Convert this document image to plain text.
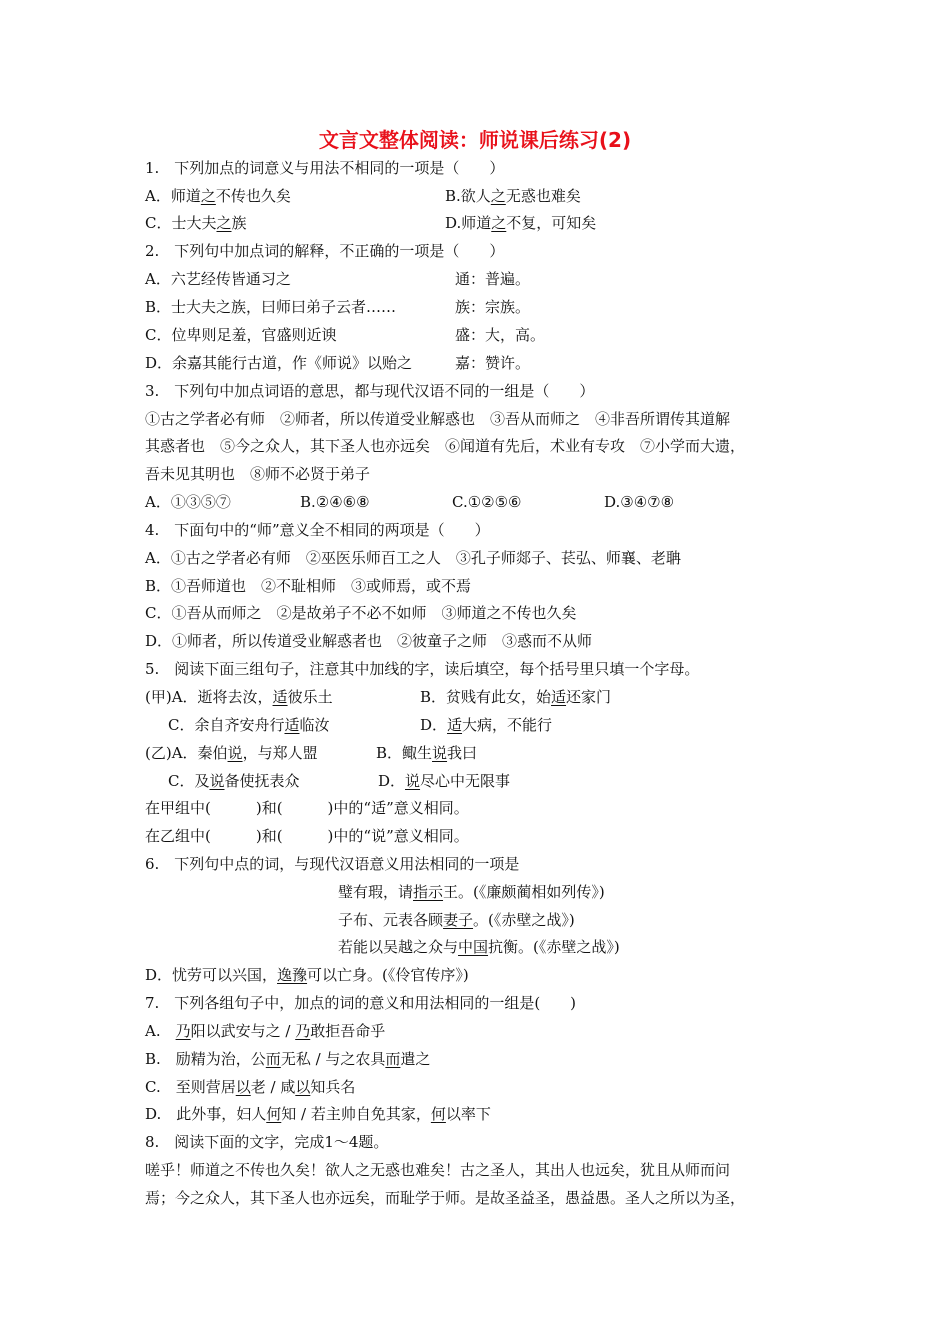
文言文整体阅读：师说课后练习(2)
1.　下列加点的词意义与用法不相同的一项是（　　）
A．师道之不传也久矣	B.欲人之无惑也难矣
C．士大夫之族	D.师道之不复，可知矣
2.　下列句中加点词的解释，不正确的一项是（　　）
A．六艺经传皆通习之	通：普遍。
B．士大夫之族，曰师曰弟子云者……	族：宗族。
C．位卑则足羞，官盛则近谀	盛：大，高。
D．余嘉其能行古道，作《师说》以贻之	嘉：赞许。
3.　下列句中加点词语的意思，都与现代汉语不同的一组是（　　）
①古之学者必有师　②师者，所以传道受业解惑也　③吾从而师之　④非吾所谓传其道解
其惑者也　⑤今之众人，其下圣人也亦远矣　⑥闻道有先后，术业有专攻　⑦小学而大遗，
吾未见其明也　⑧师不必贤于弟子
A．①③⑤⑦	B.②④⑥⑧	C.①②⑤⑥	D.③④⑦⑧
4.　下面句中的“师”意义全不相同的两项是（　　）
A．①古之学者必有师　②巫医乐师百工之人　③孔子师郯子、苌弘、师襄、老聃
B．①吾师道也　②不耻相师　③或师焉，或不焉
C．①吾从而师之　②是故弟子不必不如师　③师道之不传也久矣
D．①师者，所以传道受业解惑者也　②彼童子之师　③惑而不从师
5.　阅读下面三组句子，注意其中加线的字，读后填空，每个括号里只填一个字母。
(甲)A．逝将去汝，适彼乐土	B．贫贱有此女，始适还家门
C．余自齐安舟行适临汝	D．适大病，不能行
(乙)A．秦伯说，与郑人盟	B．鲰生说我曰
C．及说备使抚表众	D．说尽心中无限事
在甲组中(　　　)和(　　　)中的“适”意义相同。
在乙组中(　　　)和(　　　)中的“说”意义相同。
6.　下列句中点的词，与现代汉语意义用法相同的一项是
璧有瑕，请指示王。(《廉颇蔺相如列传》)
子布、元表各顾妻子。(《赤壁之战》)
若能以吴越之众与中国抗衡。(《赤壁之战》)
D．忧劳可以兴国，逸豫可以亡身。(《伶官传序》)
7.　下列各组句子中，加点的词的意义和用法相同的一组是(　　)
A.　乃阳以武安与之 / 乃敢拒吾命乎
B.　励精为治，公而无私 / 与之农具而遣之
C.　至则营居以老 / 咸以知兵名
D.　此外事，妇人何知 / 若主帅自免其家，何以率下
8.　阅读下面的文字，完成1～4题。
嗟乎！师道之不传也久矣！欲人之无惑也难矣！古之圣人，其出人也远矣，犹且从师而问
焉；今之众人，其下圣人也亦远矣，而耻学于师。是故圣益圣，愚益愚。圣人之所以为圣，
